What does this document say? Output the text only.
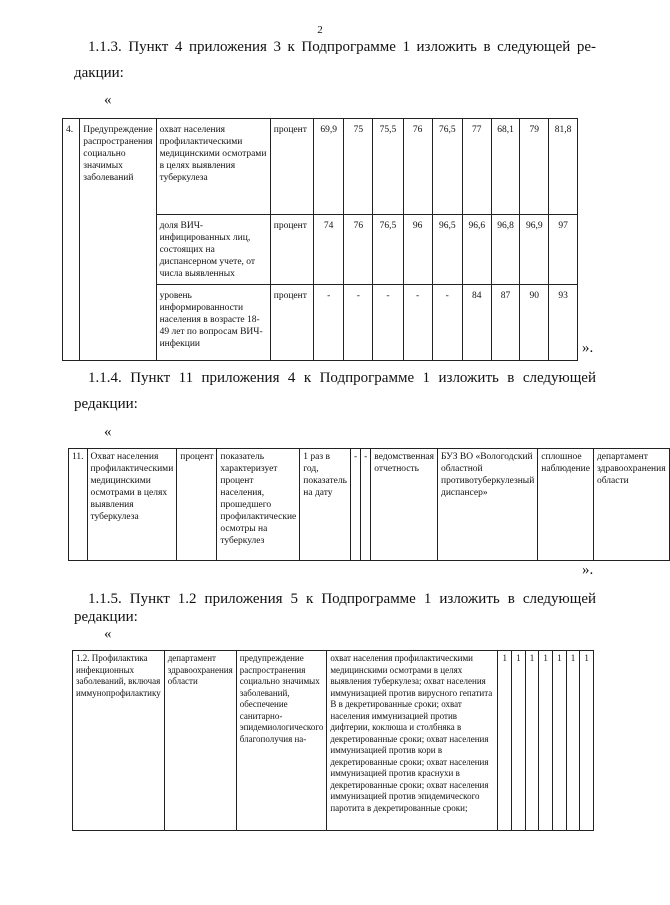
2
1.1.3. Пункт 4 приложения 3 к Подпрограмме 1 изложить в следующей ре-
дакции:
«
4.	Предупреждение распространения социально значимых заболеваний	охват населения профилактическими медицинскими осмотрами в целях выявления туберкулеза	процент	69,9	75	75,5	76	76,5	77	68,1	79	81,8
		доля ВИЧ-инфицированных лиц, состоящих на диспансерном учете, от числа выявленных	процент	74	76	76,5	96	96,5	96,6	96,8	96,9	97
		уровень информированности населения в возрасте 18-49 лет по вопросам ВИЧ-инфекции	процент	-	-	-	-	-	84	87	90	93
».
1.1.4. Пункт 11 приложения 4 к Подпрограмме 1 изложить в следующей
редакции:
«
11.	Охват населения профилактическими медицинскими осмотрами в целях выявления туберкулеза	процент	показатель характеризует процент населения, прошедшего профилактические осмотры на туберкулез	1 раз в год, показатель на дату	-	-	ведомственная отчетность	БУЗ ВО «Вологодский областной противотуберкулезный диспансер»	сплошное наблюдение	департамент здравоохранения области
».
1.1.5. Пункт 1.2 приложения 5 к Подпрограмме 1 изложить в следующей
редакции:
«
1.2. Профилактика инфекционных заболеваний, включая иммунопрофилактику	департамент здравоохранения области	предупреждение распространения социально значимых заболеваний, обеспечение санитарно-эпидемиологического благополучия на-	охват населения профилактическими медицинскими осмотрами в целях выявления туберкулеза; охват населения иммунизацией против вирусного гепатита В в декретированные сроки; охват населения иммунизацией против дифтерии, коклюша и столбняка в декретированные сроки; охват населения иммунизацией против кори в декретированные сроки; охват населения иммунизацией против краснухи в декретированные сроки; охват населения иммунизацией против эпидемического паротита в декретированные сроки;	1	1	1	1	1	1	1
